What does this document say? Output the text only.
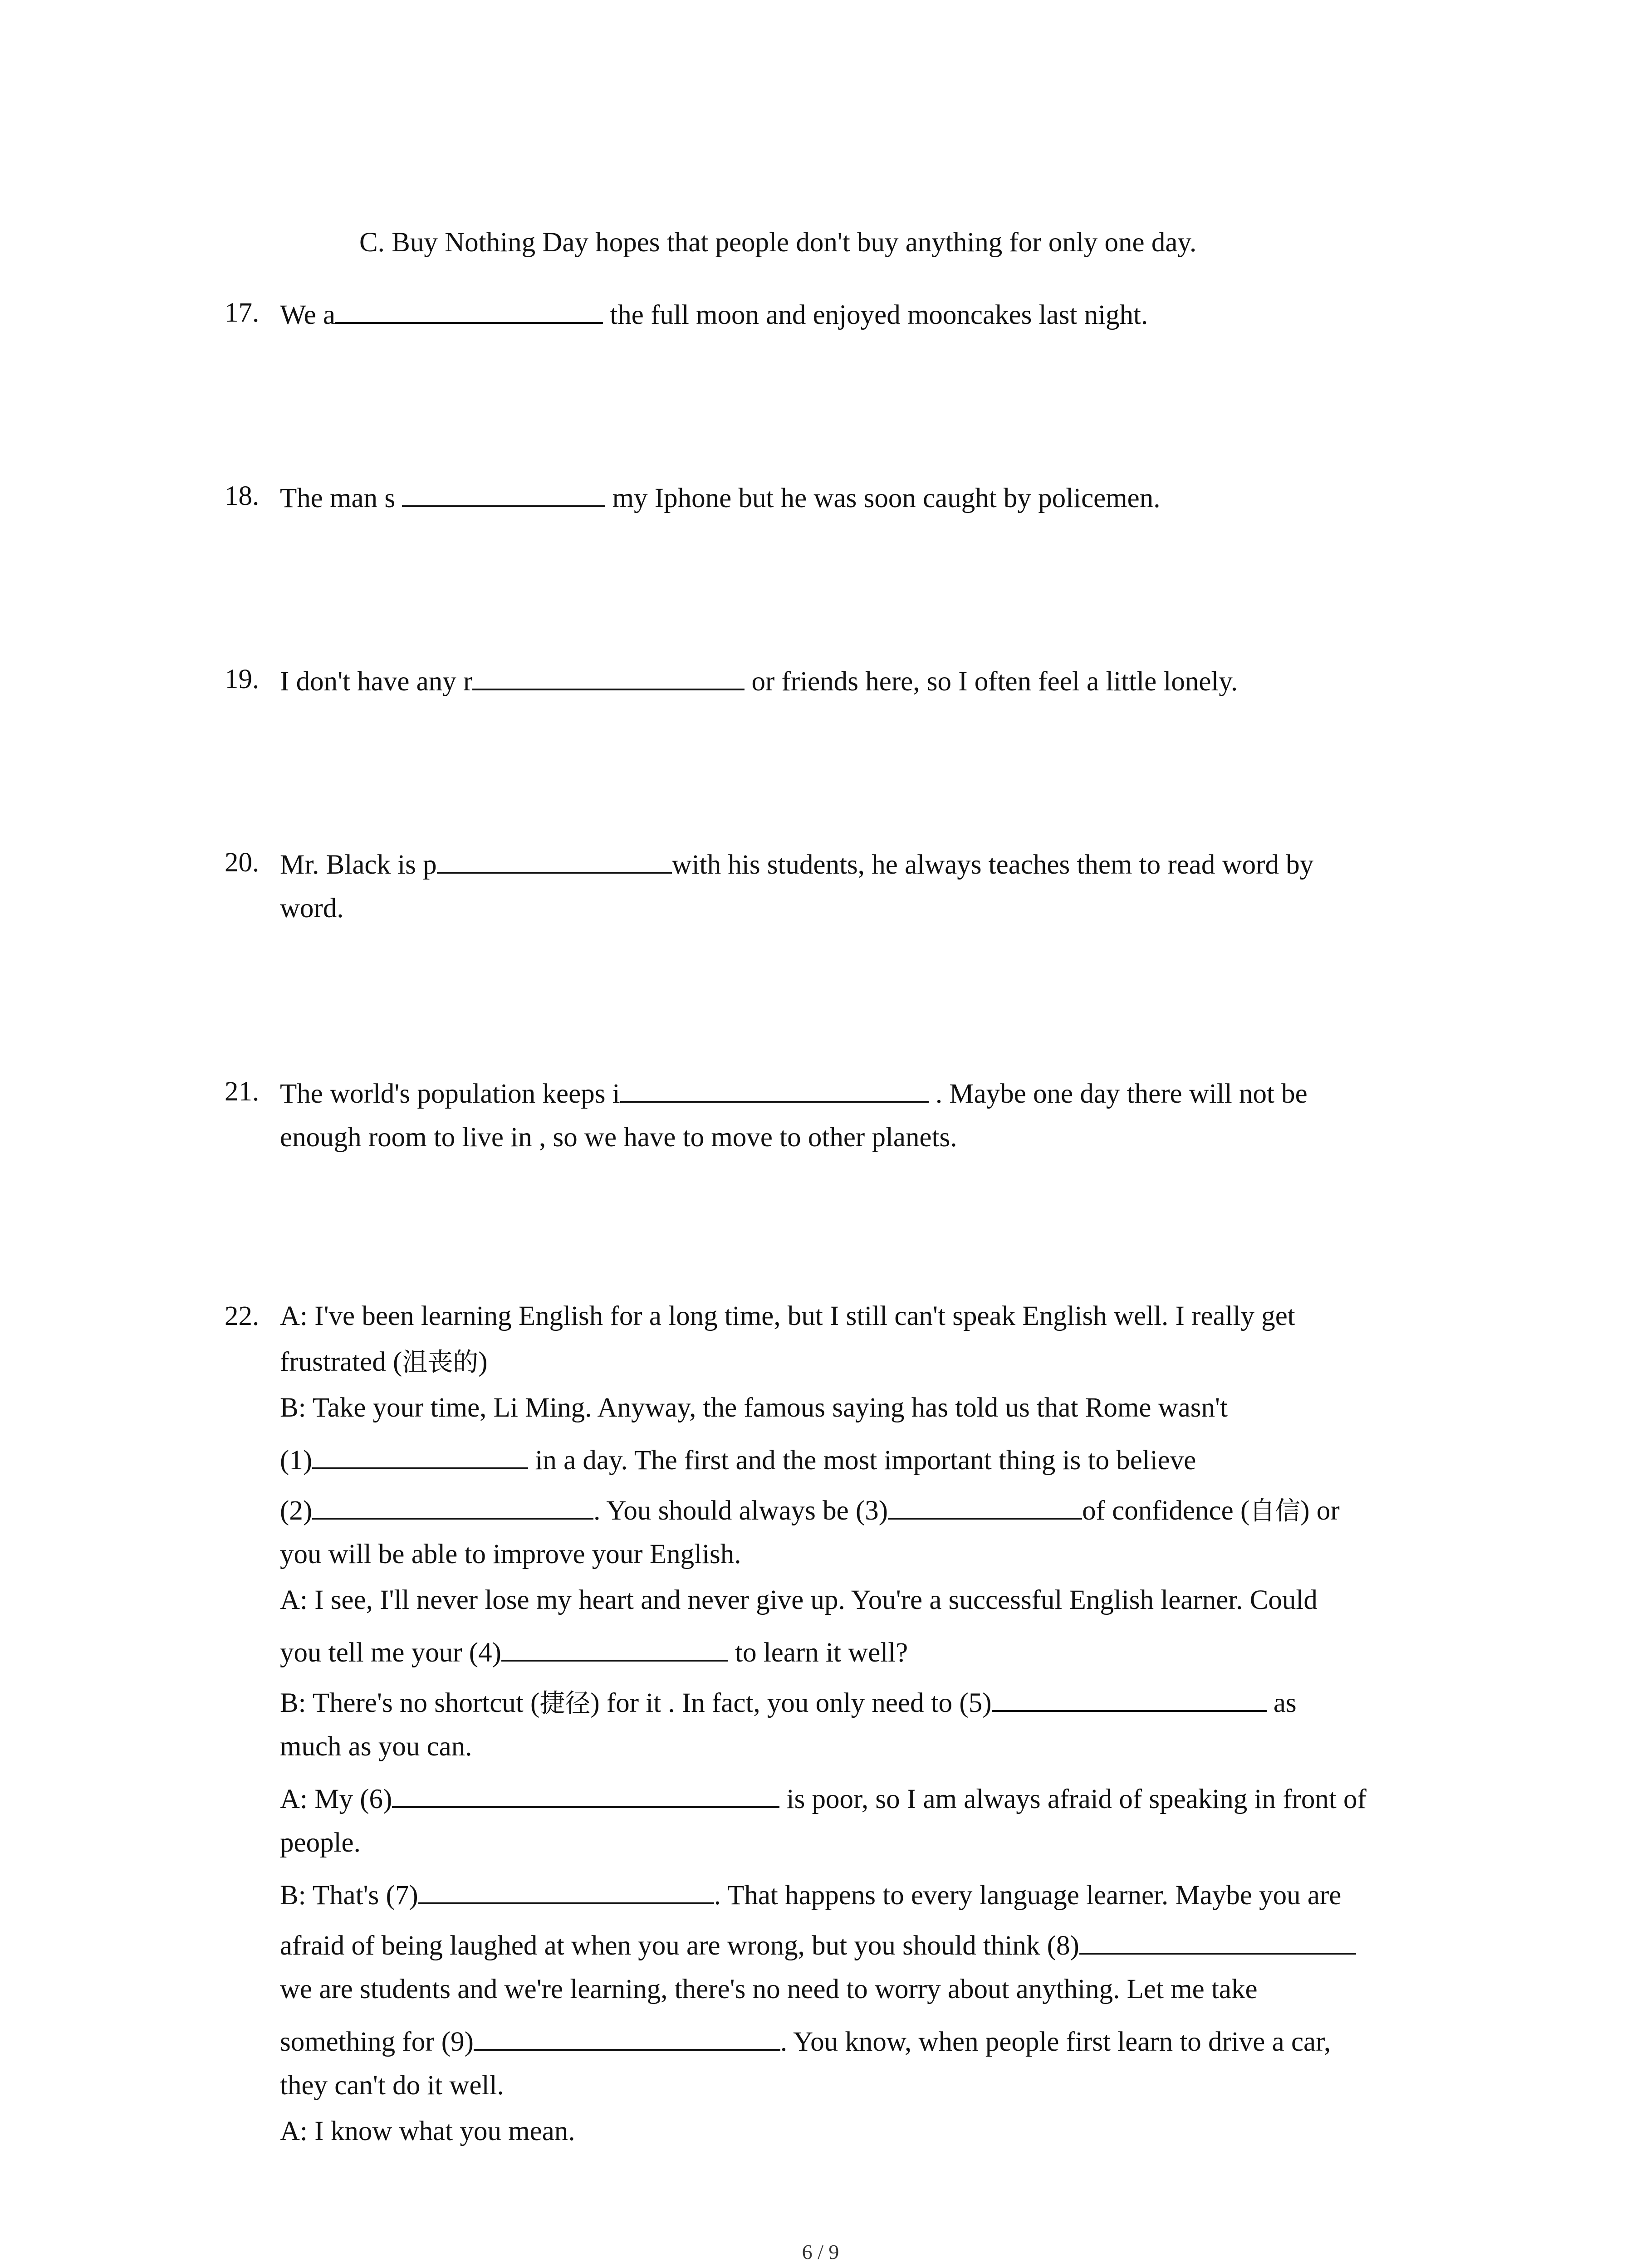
C. Buy Nothing Day hopes that people don't buy anything for only one day.
17. We a	the full moon and enjoyed mooncakes last night.
18. The man s	my Iphone but he was soon caught by policemen.
19. I don't have any r	or friends here, so I often feel a little lonely.
20. Mr. Black is p	with his students, he always teaches them to read word by
word.
21. The world's population keeps i	. Maybe one day there will not be
enough room to live in , so we have to move to other planets.
22. A: I've been learning English for a long time, but I still can't speak English well. I really get
frustrated (沮丧的)
B: Take your time, Li Ming. Anyway, the famous saying has told us that Rome wasn't
(1)	in a day. The first and the most important thing is to believe
(2)	. You should always be (3)	of confidence (自信) or
you will be able to improve your English.
A: I see, I'll never lose my heart and never give up. You're a successful English learner. Could
you tell me your (4)	to learn it well?
B: There's no shortcut (捷径) for it . In fact, you only need to (5)	as
much as you can.
A: My (6)	is poor, so I am always afraid of speaking in front of
people.
B: That's (7)	. That happens to every language learner. Maybe you are
afraid of being laughed at when you are wrong, but you should think (8)
we are students and we're learning, there's no need to worry about anything. Let me take
something for (9)	. You know, when people first learn to drive a car,
they can't do it well.
A: I know what you mean.
6 / 9
